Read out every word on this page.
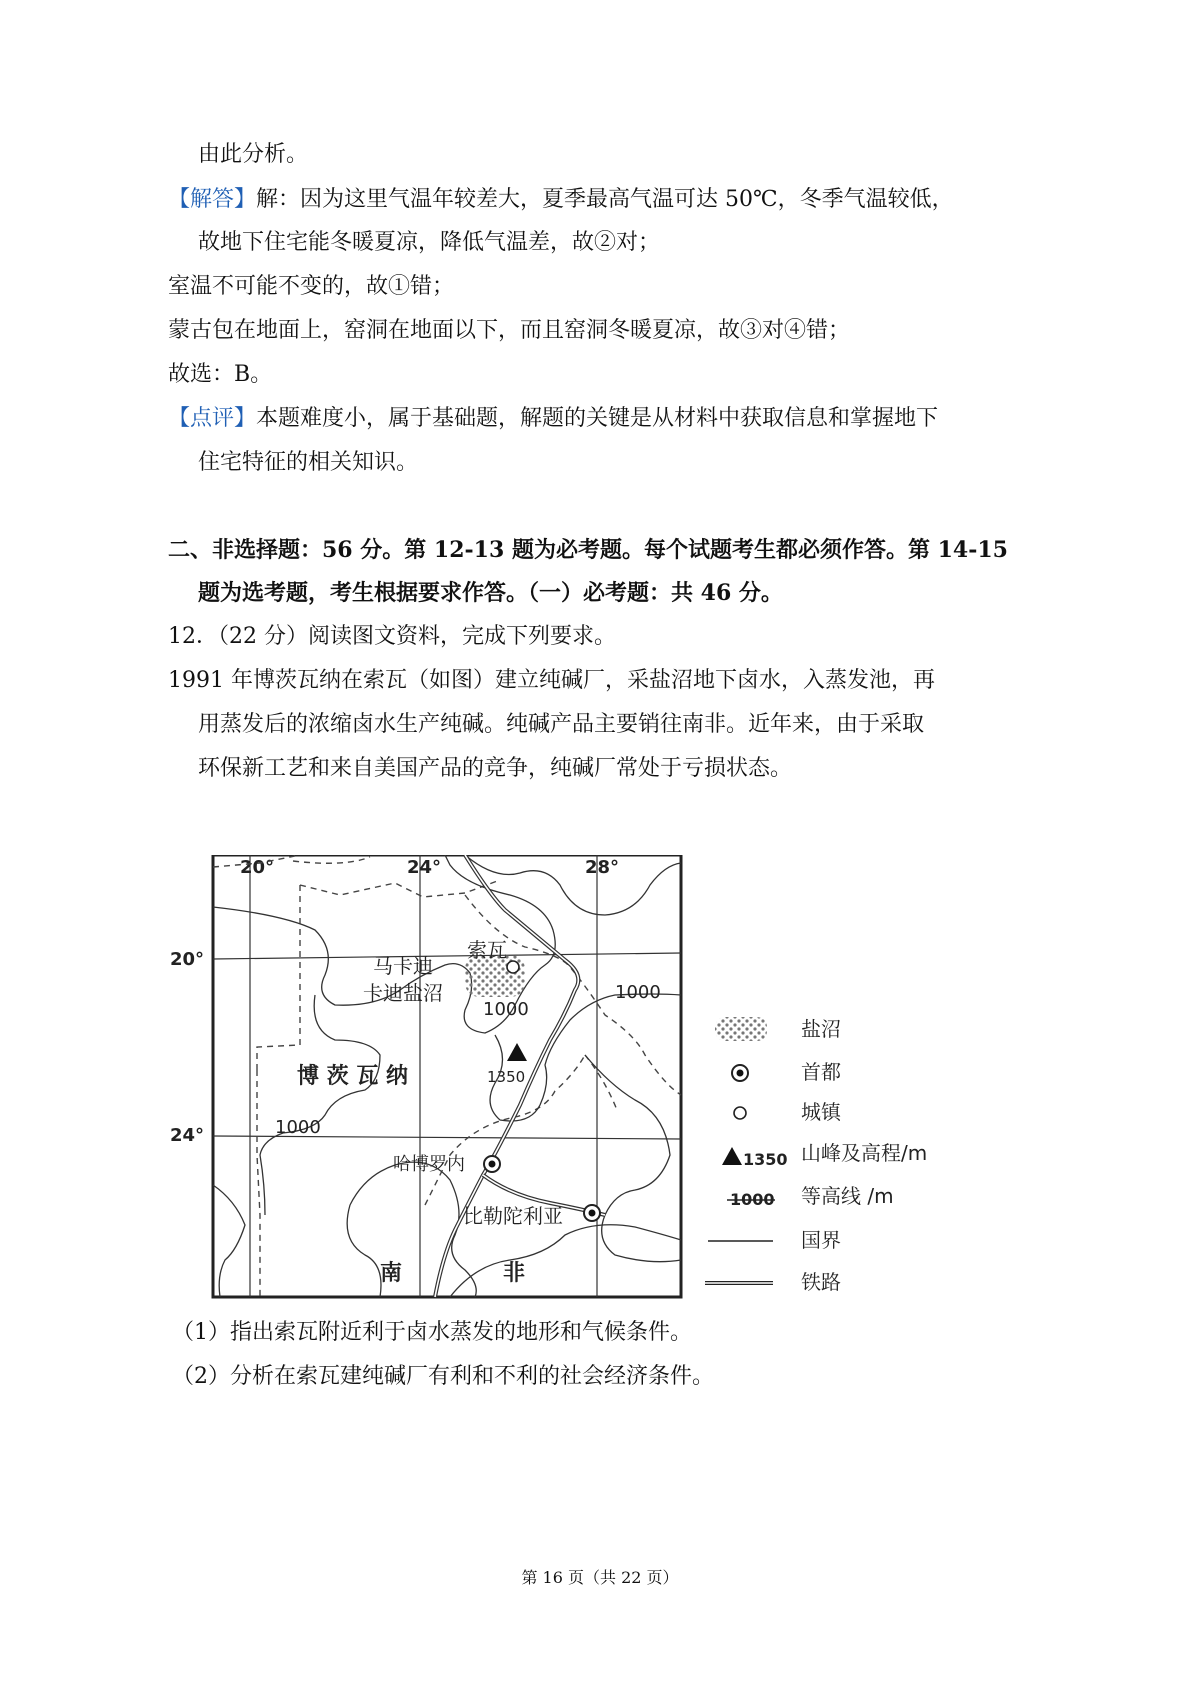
由此分析。
【解答】解：因为这里气温年较差大，夏季最高气温可达 50℃，冬季气温较低，
故地下住宅能冬暖夏凉，降低气温差，故②对；
室温不可能不变的，故①错；
蒙古包在地面上，窑洞在地面以下，而且窑洞冬暖夏凉，故③对④错；
故选：B。
【点评】本题难度小，属于基础题，解题的关键是从材料中获取信息和掌握地下
住宅特征的相关知识。
二、非选择题：56 分。第 12-13 题为必考题。每个试题考生都必须作答。第 14-15
题为选考题，考生根据要求作答。（一）必考题：共 46 分。
12．（22 分）阅读图文资料，完成下列要求。
1991 年博茨瓦纳在索瓦（如图）建立纯碱厂，采盐沼地下卤水，入蒸发池，再
用蒸发后的浓缩卤水生产纯碱。纯碱产品主要销往南非。近年来，由于采取
环保新工艺和来自美国产品的竞争，纯碱厂常处于亏损状态。
20°	24°	28°
20°
24°
索瓦
马卡迪
卡迪盐沼
博 茨 瓦 纳
哈博罗内
比勒陀利亚
南	非
1000
1000
1000
1350
盐沼
首都
城镇
1350 山峰及高程/m
1000 等高线 /m
国界
铁路
（1）指出索瓦附近利于卤水蒸发的地形和气候条件。
（2）分析在索瓦建纯碱厂有利和不利的社会经济条件。
第 16 页（共 22 页）
